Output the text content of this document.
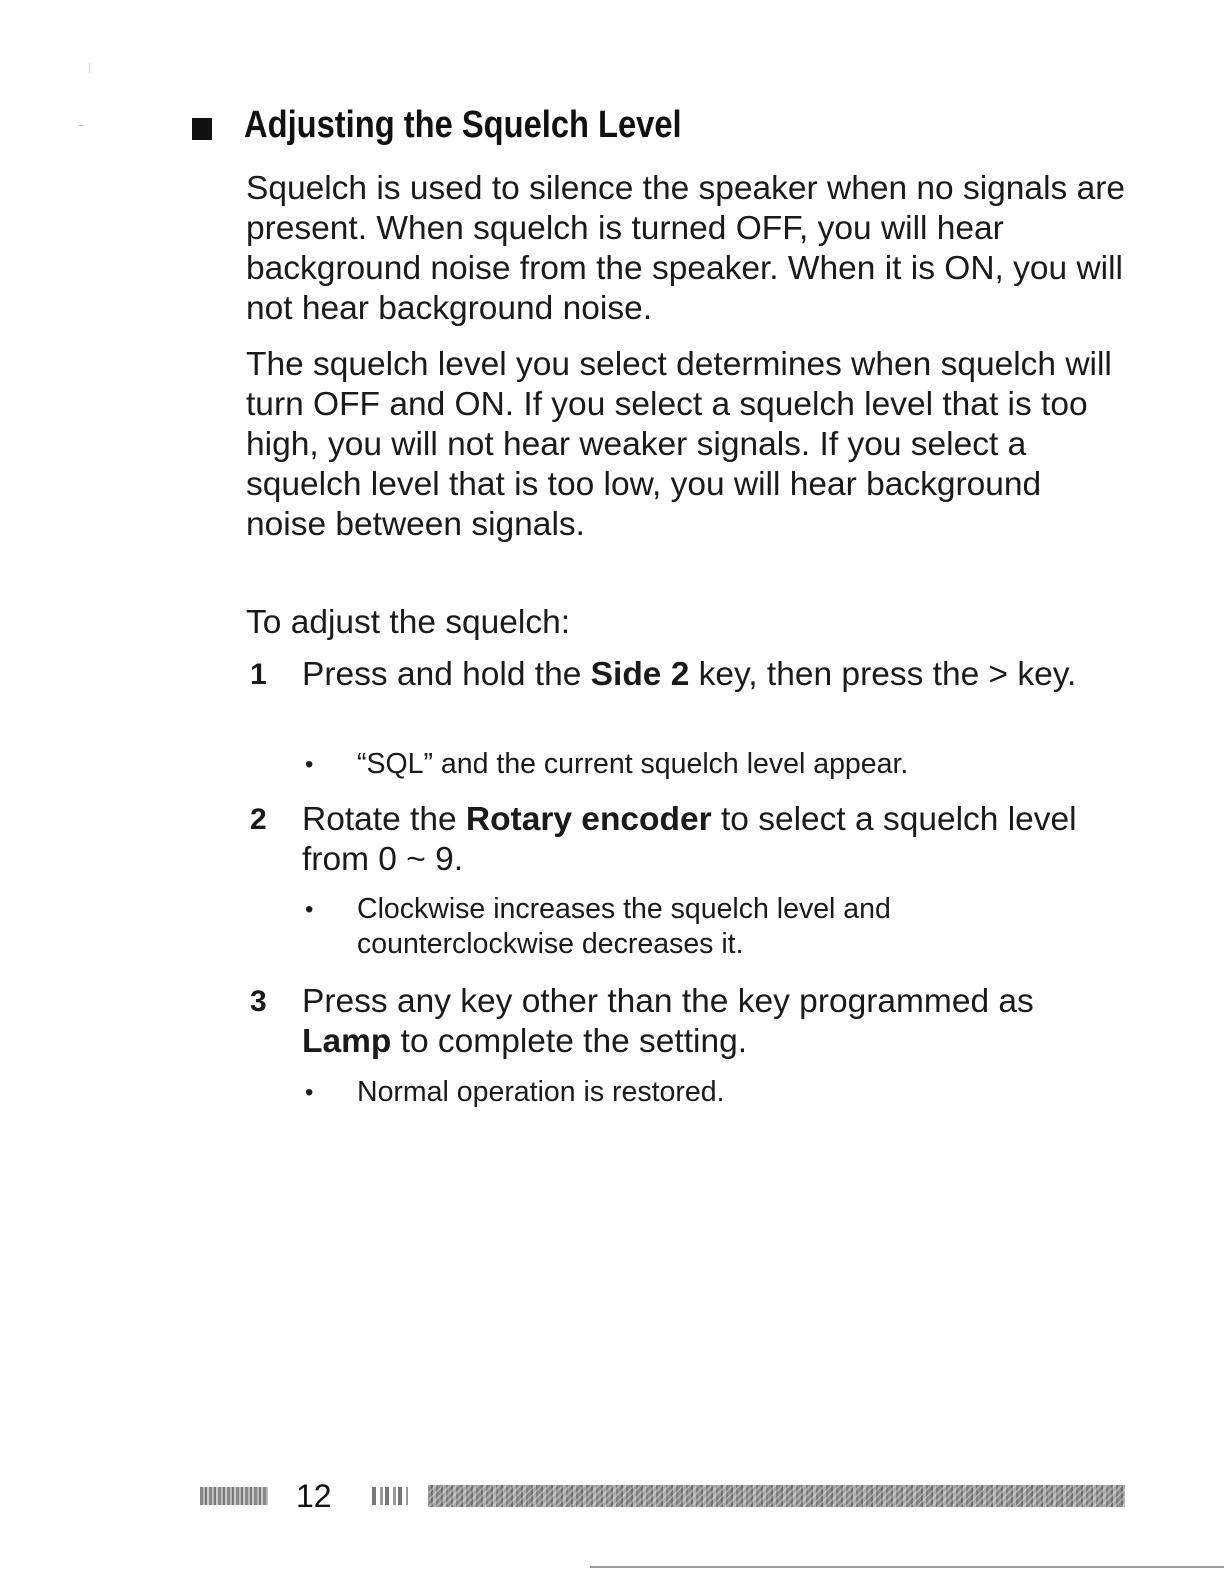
Adjusting the Squelch Level

Squelch is used to silence the speaker when no signals are present. When squelch is turned OFF, you will hear background noise from the speaker. When it is ON, you will not hear background noise.

The squelch level you select determines when squelch will turn OFF and ON. If you select a squelch level that is too high, you will not hear weaker signals. If you select a squelch level that is too low, you will hear background noise between signals.

To adjust the squelch:

1	Press and hold the Side 2 key, then press the > key.
•	“SQL” and the current squelch level appear.
2	Rotate the Rotary encoder to select a squelch level from 0 ~ 9.
•	Clockwise increases the squelch level and counterclockwise decreases it.
3	Press any key other than the key programmed as Lamp to complete the setting.
•	Normal operation is restored.
12
